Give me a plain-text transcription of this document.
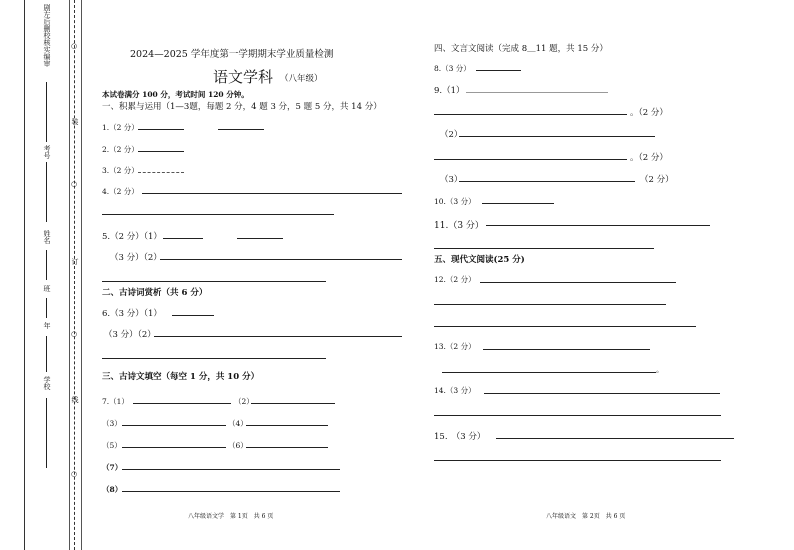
剧左后删校核实编审
考号
姓名
班
年
学校
○
装
○
订
○
线
○
2024—2025 学年度第一学期期末学业质量检测
语文学科 （八年级）
本试卷满分 100 分，考试时间 120 分钟。
一、积累与运用（1—3题，每题 2 分，4 题 3 分，5 题 5 分，共 14 分）
1.（2 分）
2.（2 分）
3.（2 分）
4.（2 分）
5.（2 分）（1）
（3 分）（2）
二、古诗词赏析（共 6 分）
6.（3 分）（1）
（3 分）（2）
三、古诗文填空（每空 1 分，共 10 分）
7.（1）	（2）
（3）	（4）
（5）	（6）
（7）
（8）
八年级语文学　第 1页　共 6 页
四、文言文阅读（完成 8＿11 题，共 15 分）
8.（3 分）
9.（1）
。（2 分）
（2）
。（2 分）
（3）	（2 分）
10.（3 分）
11.（3 分）
五、现代文阅读(25 分)
12.（2 分）
13.（2 分）
。
14.（3 分）
15.　（3 分）
八年级语文　第 2页　共 6 页
